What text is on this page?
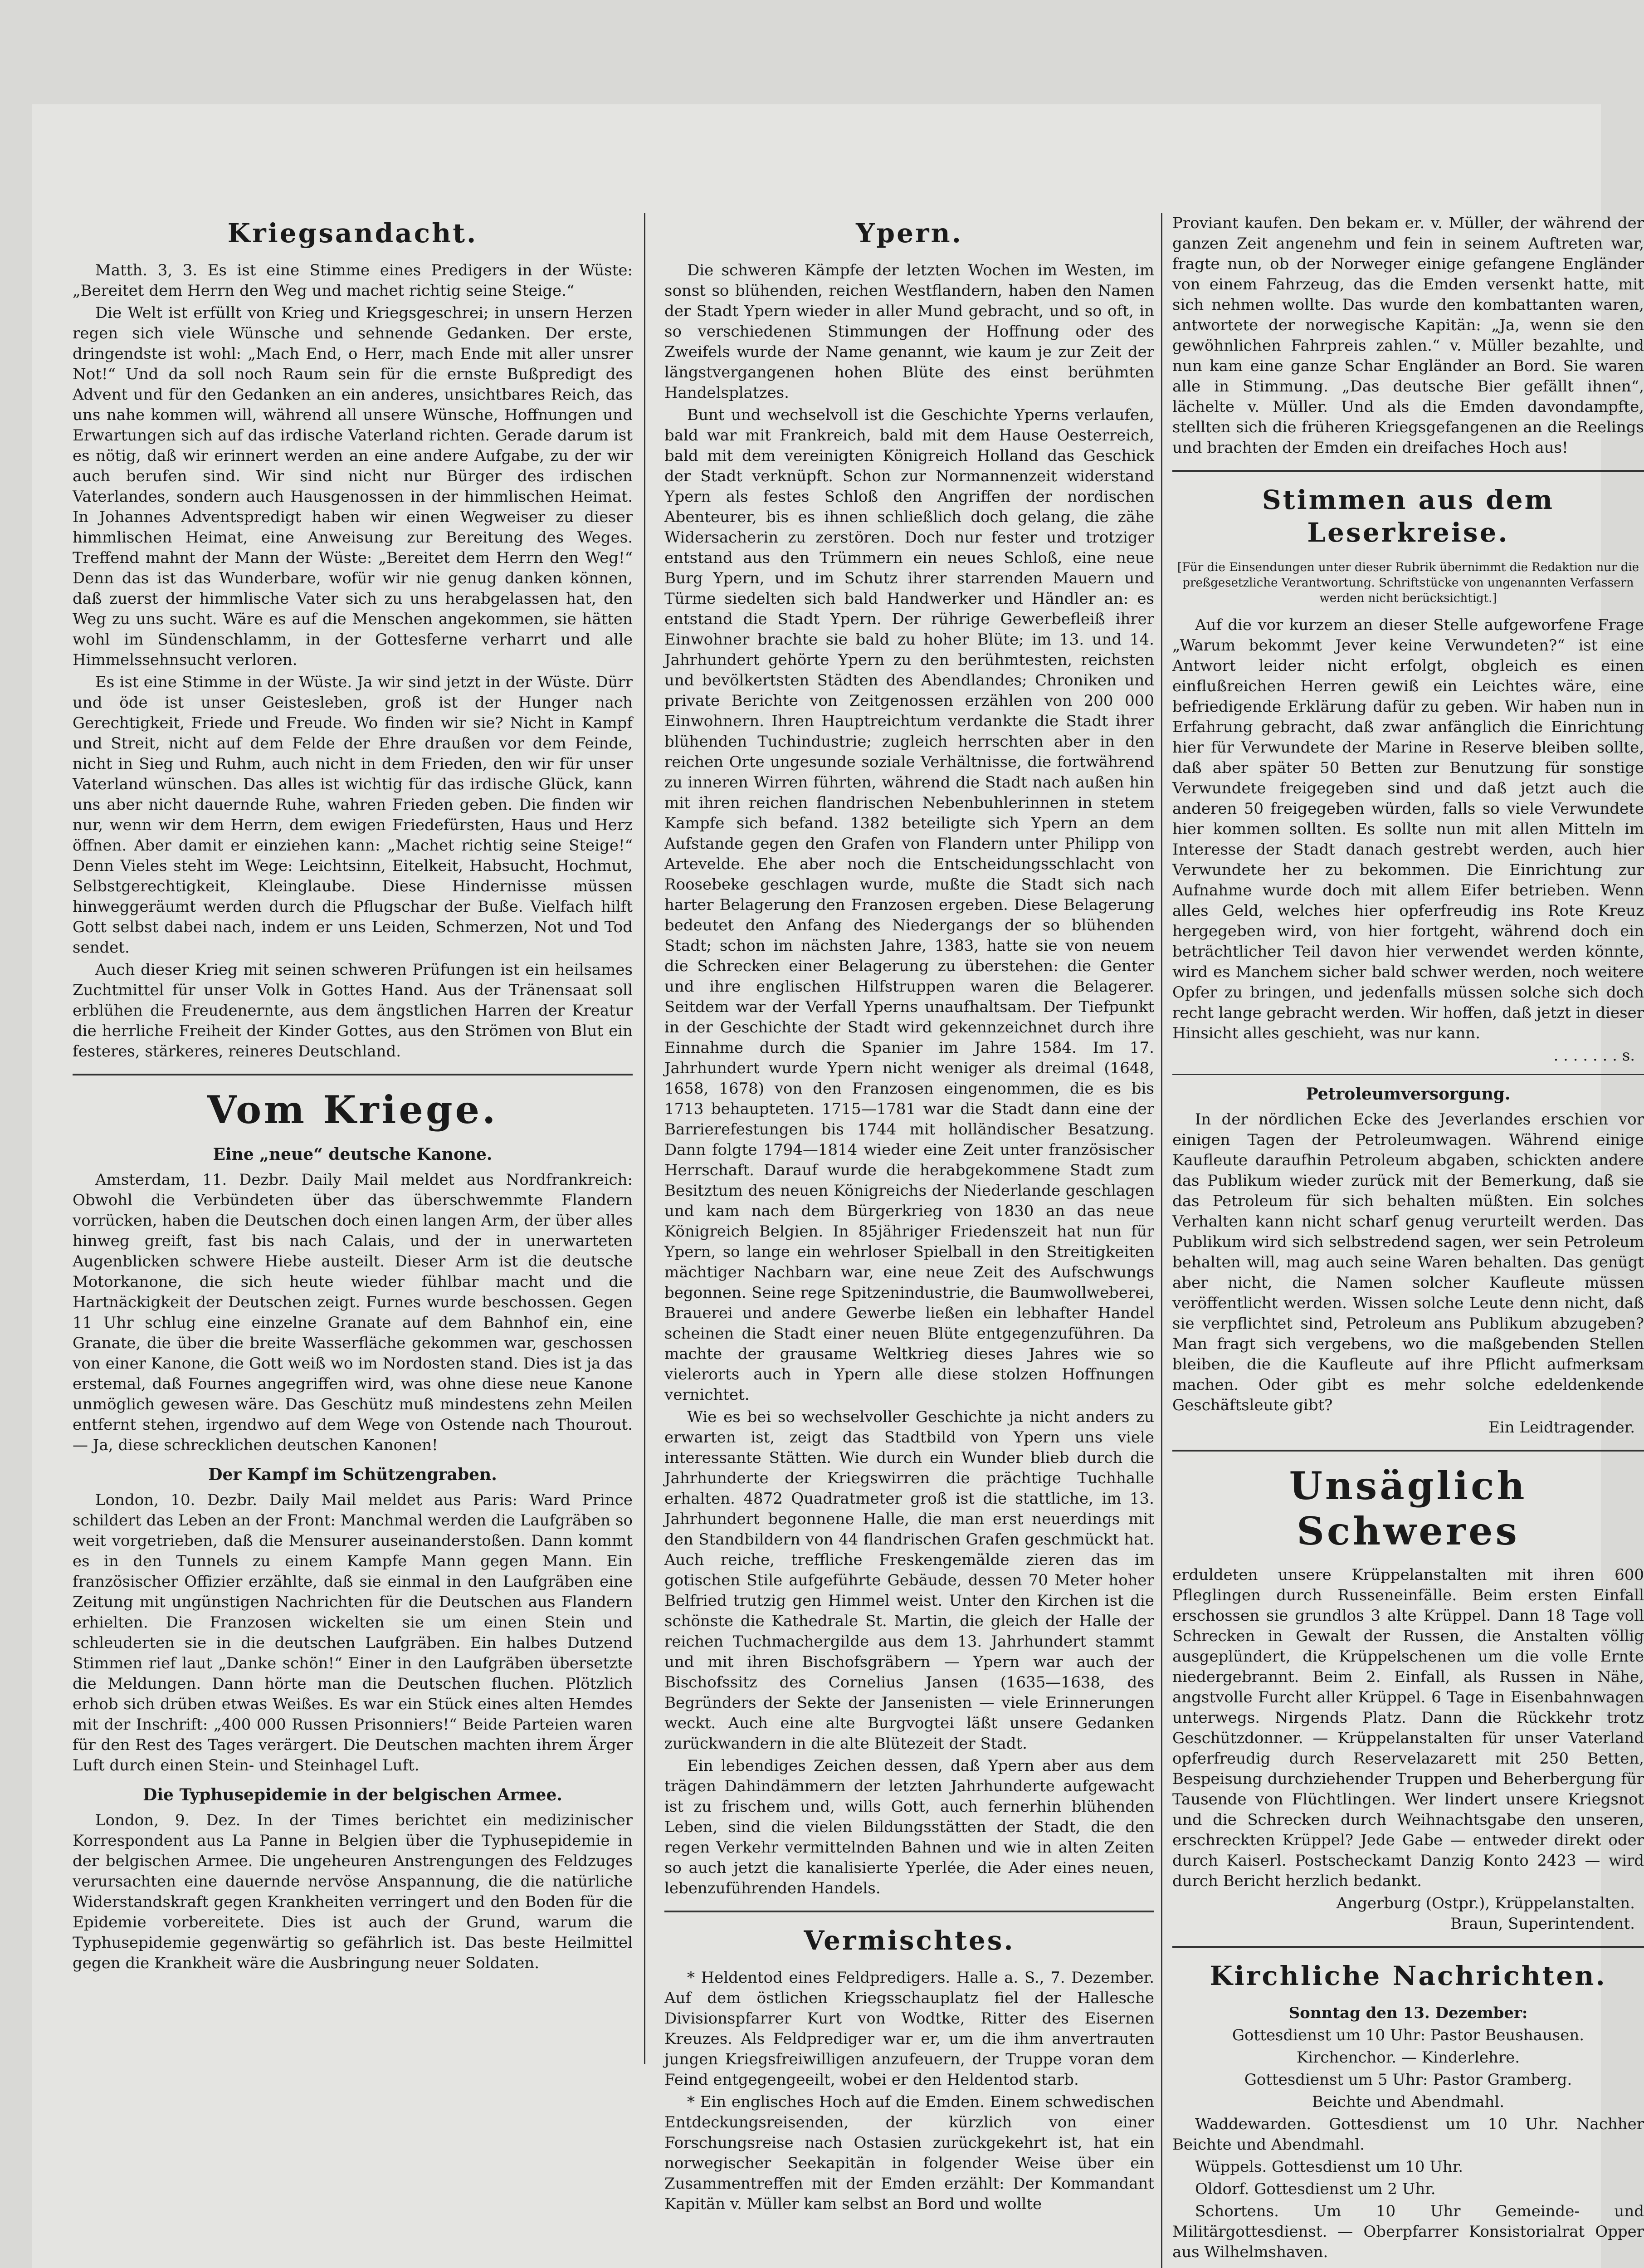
Kriegsandacht.

Matth. 3, 3. Es ist eine Stimme eines Predigers in der Wüste: „Bereitet dem Herrn den Weg und machet richtig seine Steige.“

Die Welt ist erfüllt von Krieg und Kriegsgeschrei; in unsern Herzen regen sich viele Wünsche und sehnende Gedanken. Der erste, dringendste ist wohl: „Mach End, o Herr, mach Ende mit aller unsrer Not!“ Und da soll noch Raum sein für die ernste Bußpredigt des Advent und für den Gedanken an ein anderes, unsichtbares Reich, das uns nahe kommen will, während all unsere Wünsche, Hoffnungen und Erwartungen sich auf das irdische Vaterland richten. Gerade darum ist es nötig, daß wir erinnert werden an eine andere Aufgabe, zu der wir auch berufen sind. Wir sind nicht nur Bürger des irdischen Vaterlandes, sondern auch Hausgenossen in der himmlischen Heimat. In Johannes Adventspredigt haben wir einen Wegweiser zu dieser himmlischen Heimat, eine Anweisung zur Bereitung des Weges. Treffend mahnt der Mann der Wüste: „Bereitet dem Herrn den Weg!“ Denn das ist das Wunderbare, wofür wir nie genug danken können, daß zuerst der himmlische Vater sich zu uns herabgelassen hat, den Weg zu uns sucht. Wäre es auf die Menschen angekommen, sie hätten wohl im Sündenschlamm, in der Gottesferne verharrt und alle Himmelssehnsucht verloren.

Es ist eine Stimme in der Wüste. Ja wir sind jetzt in der Wüste. Dürr und öde ist unser Geistesleben, groß ist der Hunger nach Gerechtigkeit, Friede und Freude. Wo finden wir sie? Nicht in Kampf und Streit, nicht auf dem Felde der Ehre draußen vor dem Feinde, nicht in Sieg und Ruhm, auch nicht in dem Frieden, den wir für unser Vaterland wünschen. Das alles ist wichtig für das irdische Glück, kann uns aber nicht dauernde Ruhe, wahren Frieden geben. Die finden wir nur, wenn wir dem Herrn, dem ewigen Friedefürsten, Haus und Herz öffnen. Aber damit er einziehen kann: „Machet richtig seine Steige!“ Denn Vieles steht im Wege: Leichtsinn, Eitelkeit, Habsucht, Hochmut, Selbstgerechtigkeit, Kleinglaube. Diese Hindernisse müssen hinweggeräumt werden durch die Pflugschar der Buße. Vielfach hilft Gott selbst dabei nach, indem er uns Leiden, Schmerzen, Not und Tod sendet.

Auch dieser Krieg mit seinen schweren Prüfungen ist ein heilsames Zuchtmittel für unser Volk in Gottes Hand. Aus der Tränensaat soll erblühen die Freudenernte, aus dem ängstlichen Harren der Kreatur die herrliche Freiheit der Kinder Gottes, aus den Strömen von Blut ein festeres, stärkeres, reineres Deutschland.

Vom Kriege.
Eine „neue“ deutsche Kanone.

Amsterdam, 11. Dezbr. Daily Mail meldet aus Nordfrankreich: Obwohl die Verbündeten über das überschwemmte Flandern vorrücken, haben die Deutschen doch einen langen Arm, der über alles hinweg greift, fast bis nach Calais, und der in unerwarteten Augenblicken schwere Hiebe austeilt. Dieser Arm ist die deutsche Motorkanone, die sich heute wieder fühlbar macht und die Hartnäckigkeit der Deutschen zeigt. Furnes wurde beschossen. Gegen 11 Uhr schlug eine einzelne Granate auf dem Bahnhof ein, eine Granate, die über die breite Wasserfläche gekommen war, geschossen von einer Kanone, die Gott weiß wo im Nordosten stand. Dies ist ja das erstemal, daß Fournes angegriffen wird, was ohne diese neue Kanone unmöglich gewesen wäre. Das Geschütz muß mindestens zehn Meilen entfernt stehen, irgendwo auf dem Wege von Ostende nach Thourout. — Ja, diese schrecklichen deutschen Kanonen!

Der Kampf im Schützengraben.

London, 10. Dezbr. Daily Mail meldet aus Paris: Ward Prince schildert das Leben an der Front: Manchmal werden die Laufgräben so weit vorgetrieben, daß die Mensurer auseinanderstoßen. Dann kommt es in den Tunnels zu einem Kampfe Mann gegen Mann. Ein französischer Offizier erzählte, daß sie einmal in den Laufgräben eine Zeitung mit ungünstigen Nachrichten für die Deutschen aus Flandern erhielten. Die Franzosen wickelten sie um einen Stein und schleuderten sie in die deutschen Laufgräben. Ein halbes Dutzend Stimmen rief laut „Danke schön!“ Einer in den Laufgräben übersetzte die Meldungen. Dann hörte man die Deutschen fluchen. Plötzlich erhob sich drüben etwas Weißes. Es war ein Stück eines alten Hemdes mit der Inschrift: „400 000 Russen Prisonniers!“ Beide Parteien waren für den Rest des Tages verärgert. Die Deutschen machten ihrem Ärger Luft durch einen Stein- und Steinhagel Luft.

Die Typhusepidemie in der belgischen Armee.

London, 9. Dez. In der Times berichtet ein medizinischer Korrespondent aus La Panne in Belgien über die Typhusepidemie in der belgischen Armee. Die ungeheuren Anstrengungen des Feldzuges verursachten eine dauernde nervöse Anspannung, die die natürliche Widerstandskraft gegen Krankheiten verringert und den Boden für die Epidemie vorbereitete. Dies ist auch der Grund, warum die Typhusepidemie gegenwärtig so gefährlich ist. Das beste Heilmittel gegen die Krankheit wäre die Ausbringung neuer Soldaten.

Ypern.

Die schweren Kämpfe der letzten Wochen im Westen, im sonst so blühenden, reichen Westflandern, haben den Namen der Stadt Ypern wieder in aller Mund gebracht, und so oft, in so verschiedenen Stimmungen der Hoffnung oder des Zweifels wurde der Name genannt, wie kaum je zur Zeit der längstvergangenen hohen Blüte des einst berühmten Handelsplatzes.

Bunt und wechselvoll ist die Geschichte Yperns verlaufen, bald war mit Frankreich, bald mit dem Hause Oesterreich, bald mit dem vereinigten Königreich Holland das Geschick der Stadt verknüpft. Schon zur Normannenzeit widerstand Ypern als festes Schloß den Angriffen der nordischen Abenteurer, bis es ihnen schließlich doch gelang, die zähe Widersacherin zu zerstören. Doch nur fester und trotziger entstand aus den Trümmern ein neues Schloß, eine neue Burg Ypern, und im Schutz ihrer starrenden Mauern und Türme siedelten sich bald Handwerker und Händler an: es entstand die Stadt Ypern. Der rührige Gewerbefleiß ihrer Einwohner brachte sie bald zu hoher Blüte; im 13. und 14. Jahrhundert gehörte Ypern zu den berühmtesten, reichsten und bevölkertsten Städten des Abendlandes; Chroniken und private Berichte von Zeitgenossen erzählen von 200 000 Einwohnern. Ihren Hauptreichtum verdankte die Stadt ihrer blühenden Tuchindustrie; zugleich herrschten aber in den reichen Orte ungesunde soziale Verhältnisse, die fortwährend zu inneren Wirren führten, während die Stadt nach außen hin mit ihren reichen flandrischen Nebenbuhlerinnen in stetem Kampfe sich befand. 1382 beteiligte sich Ypern an dem Aufstande gegen den Grafen von Flandern unter Philipp von Artevelde. Ehe aber noch die Entscheidungsschlacht von Roosebeke geschlagen wurde, mußte die Stadt sich nach harter Belagerung den Franzosen ergeben. Diese Belagerung bedeutet den Anfang des Niedergangs der so blühenden Stadt; schon im nächsten Jahre, 1383, hatte sie von neuem die Schrecken einer Belagerung zu überstehen: die Genter und ihre englischen Hilfstruppen waren die Belagerer. Seitdem war der Verfall Yperns unaufhaltsam. Der Tiefpunkt in der Geschichte der Stadt wird gekennzeichnet durch ihre Einnahme durch die Spanier im Jahre 1584. Im 17. Jahrhundert wurde Ypern nicht weniger als dreimal (1648, 1658, 1678) von den Franzosen eingenommen, die es bis 1713 behaupteten. 1715—1781 war die Stadt dann eine der Barrierefestungen bis 1744 mit holländischer Besatzung. Dann folgte 1794—1814 wieder eine Zeit unter französischer Herrschaft. Darauf wurde die herabgekommene Stadt zum Besitztum des neuen Königreichs der Niederlande geschlagen und kam nach dem Bürgerkrieg von 1830 an das neue Königreich Belgien. In 85jähriger Friedenszeit hat nun für Ypern, so lange ein wehrloser Spielball in den Streitigkeiten mächtiger Nachbarn war, eine neue Zeit des Aufschwungs begonnen. Seine rege Spitzenindustrie, die Baumwollweberei, Brauerei und andere Gewerbe ließen ein lebhafter Handel scheinen die Stadt einer neuen Blüte entgegenzuführen. Da machte der grausame Weltkrieg dieses Jahres wie so vielerorts auch in Ypern alle diese stolzen Hoffnungen vernichtet.

Wie es bei so wechselvoller Geschichte ja nicht anders zu erwarten ist, zeigt das Stadtbild von Ypern uns viele interessante Stätten. Wie durch ein Wunder blieb durch die Jahrhunderte der Kriegswirren die prächtige Tuchhalle erhalten. 4872 Quadratmeter groß ist die stattliche, im 13. Jahrhundert begonnene Halle, die man erst neuerdings mit den Standbildern von 44 flandrischen Grafen geschmückt hat. Auch reiche, treffliche Freskengemälde zieren das im gotischen Stile aufgeführte Gebäude, dessen 70 Meter hoher Belfried trutzig gen Himmel weist. Unter den Kirchen ist die schönste die Kathedrale St. Martin, die gleich der Halle der reichen Tuchmachergilde aus dem 13. Jahrhundert stammt und mit ihren Bischofsgräbern — Ypern war auch der Bischofssitz des Cornelius Jansen (1635—1638, des Begründers der Sekte der Jansenisten — viele Erinnerungen weckt. Auch eine alte Burgvogtei läßt unsere Gedanken zurückwandern in die alte Blütezeit der Stadt.

Ein lebendiges Zeichen dessen, daß Ypern aber aus dem trägen Dahindämmern der letzten Jahrhunderte aufgewacht ist zu frischem und, wills Gott, auch fernerhin blühenden Leben, sind die vielen Bildungsstätten der Stadt, die den regen Verkehr vermittelnden Bahnen und wie in alten Zeiten so auch jetzt die kanalisierte Yperlée, die Ader eines neuen, lebenzuführenden Handels.

Vermischtes.

* Heldentod eines Feldpredigers. Halle a. S., 7. Dezember. Auf dem östlichen Kriegsschauplatz fiel der Hallesche Divisionspfarrer Kurt von Wodtke, Ritter des Eisernen Kreuzes. Als Feldprediger war er, um die ihm anvertrauten jungen Kriegsfreiwilligen anzufeuern, der Truppe voran dem Feind entgegengeeilt, wobei er den Heldentod starb.

* Ein englisches Hoch auf die Emden. Einem schwedischen Entdeckungsreisenden, der kürzlich von einer Forschungsreise nach Ostasien zurückgekehrt ist, hat ein norwegischer Seekapitän in folgender Weise über ein Zusammentreffen mit der Emden erzählt: Der Kommandant Kapitän v. Müller kam selbst an Bord und wollte

Proviant kaufen. Den bekam er. v. Müller, der während der ganzen Zeit angenehm und fein in seinem Auftreten war, fragte nun, ob der Norweger einige gefangene Engländer von einem Fahrzeug, das die Emden versenkt hatte, mit sich nehmen wollte. Das wurde den kombattanten waren, antwortete der norwegische Kapitän: „Ja, wenn sie den gewöhnlichen Fahrpreis zahlen.“ v. Müller bezahlte, und nun kam eine ganze Schar Engländer an Bord. Sie waren alle in Stimmung. „Das deutsche Bier gefällt ihnen“, lächelte v. Müller. Und als die Emden davondampfte, stellten sich die früheren Kriegsgefangenen an die Reelings und brachten der Emden ein dreifaches Hoch aus!

Stimmen aus dem Leserkreise.
[Für die Einsendungen unter dieser Rubrik übernimmt die Redaktion nur die preßgesetzliche Verantwortung. Schriftstücke von ungenannten Verfassern werden nicht berücksichtigt.]

Auf die vor kurzem an dieser Stelle aufgeworfene Frage „Warum bekommt Jever keine Verwundeten?“ ist eine Antwort leider nicht erfolgt, obgleich es einen einflußreichen Herren gewiß ein Leichtes wäre, eine befriedigende Erklärung dafür zu geben. Wir haben nun in Erfahrung gebracht, daß zwar anfänglich die Einrichtung hier für Verwundete der Marine in Reserve bleiben sollte, daß aber später 50 Betten zur Benutzung für sonstige Verwundete freigegeben sind und daß jetzt auch die anderen 50 freigegeben würden, falls so viele Verwundete hier kommen sollten. Es sollte nun mit allen Mitteln im Interesse der Stadt danach gestrebt werden, auch hier Verwundete her zu bekommen. Die Einrichtung zur Aufnahme wurde doch mit allem Eifer betrieben. Wenn alles Geld, welches hier opferfreudig ins Rote Kreuz hergegeben wird, von hier fortgeht, während doch ein beträchtlicher Teil davon hier verwendet werden könnte, wird es Manchem sicher bald schwer werden, noch weitere Opfer zu bringen, und jedenfalls müssen solche sich doch recht lange gebracht werden. Wir hoffen, daß jetzt in dieser Hinsicht alles geschieht, was nur kann.

. . . . . . . s.
Petroleumversorgung.

In der nördlichen Ecke des Jeverlandes erschien vor einigen Tagen der Petroleumwagen. Während einige Kaufleute daraufhin Petroleum abgaben, schickten andere das Publikum wieder zurück mit der Bemerkung, daß sie das Petroleum für sich behalten müßten. Ein solches Verhalten kann nicht scharf genug verurteilt werden. Das Publikum wird sich selbstredend sagen, wer sein Petroleum behalten will, mag auch seine Waren behalten. Das genügt aber nicht, die Namen solcher Kaufleute müssen veröffentlicht werden. Wissen solche Leute denn nicht, daß sie verpflichtet sind, Petroleum ans Publikum abzugeben? Man fragt sich vergebens, wo die maßgebenden Stellen bleiben, die die Kaufleute auf ihre Pflicht aufmerksam machen. Oder gibt es mehr solche edeldenkende Geschäftsleute gibt?

Ein Leidtragender.
Unsäglich Schweres

erduldeten unsere Krüppelanstalten mit ihren 600 Pfleglingen durch Russeneinfälle. Beim ersten Einfall erschossen sie grundlos 3 alte Krüppel. Dann 18 Tage voll Schrecken in Gewalt der Russen, die Anstalten völlig ausgeplündert, die Krüppelschenen um die volle Ernte niedergebrannt. Beim 2. Einfall, als Russen in Nähe, angstvolle Furcht aller Krüppel. 6 Tage in Eisenbahnwagen unterwegs. Nirgends Platz. Dann die Rückkehr trotz Geschützdonner. — Krüppelanstalten für unser Vaterland opferfreudig durch Reservelazarett mit 250 Betten, Bespeisung durchziehender Truppen und Beherbergung für Tausende von Flüchtlingen. Wer lindert unsere Kriegsnot und die Schrecken durch Weihnachtsgabe den unseren, erschreckten Krüppel? Jede Gabe — entweder direkt oder durch Kaiserl. Postscheckamt Danzig Konto 2423 — wird durch Bericht herzlich bedankt.

Angerburg (Ostpr.), Krüppelanstalten.
Braun, Superintendent.
Kirchliche Nachrichten.

Sonntag den 13. Dezember:

Gottesdienst um 10 Uhr: Pastor Beushausen.

Kirchenchor. — Kinderlehre.

Gottesdienst um 5 Uhr: Pastor Gramberg.

Beichte und Abendmahl.

Waddewarden. Gottesdienst um 10 Uhr. Nachher Beichte und Abendmahl.

Wüppels. Gottesdienst um 10 Uhr.

Oldorf. Gottesdienst um 2 Uhr.

Schortens. Um 10 Uhr Gemeinde- und Militärgottesdienst. — Oberpfarrer Konsistorialrat Opper aus Wilhelmshaven.
